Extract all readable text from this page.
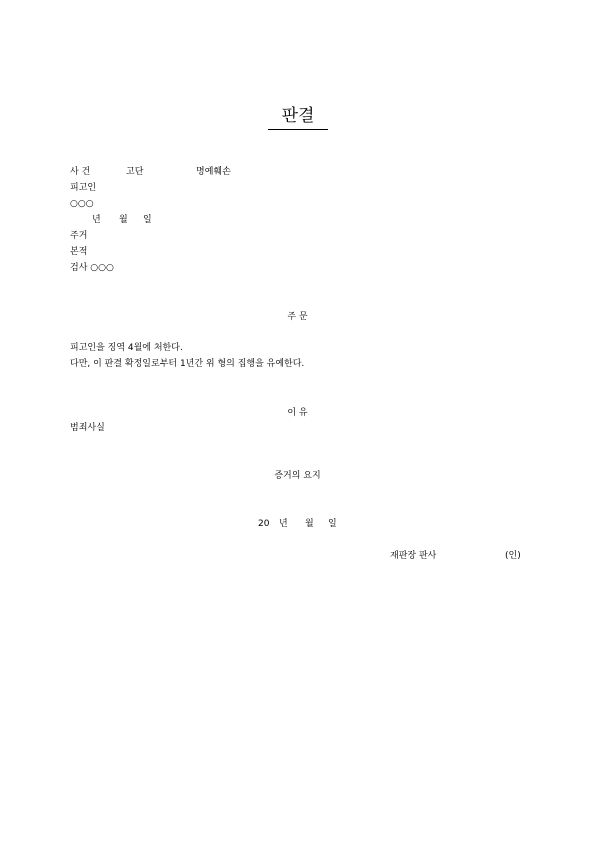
판결
사 건	고단	명예훼손
피고인
○○○
년 월 일
주거
본적
검사 ○○○
주 문
피고인을 징역 4월에 처한다.
다만, 이 판결 확정일로부터 1년간 위 형의 집행을 유예한다.
이 유
범죄사실
증거의 요지
20 년 월 일
재판장 판사	(인)
